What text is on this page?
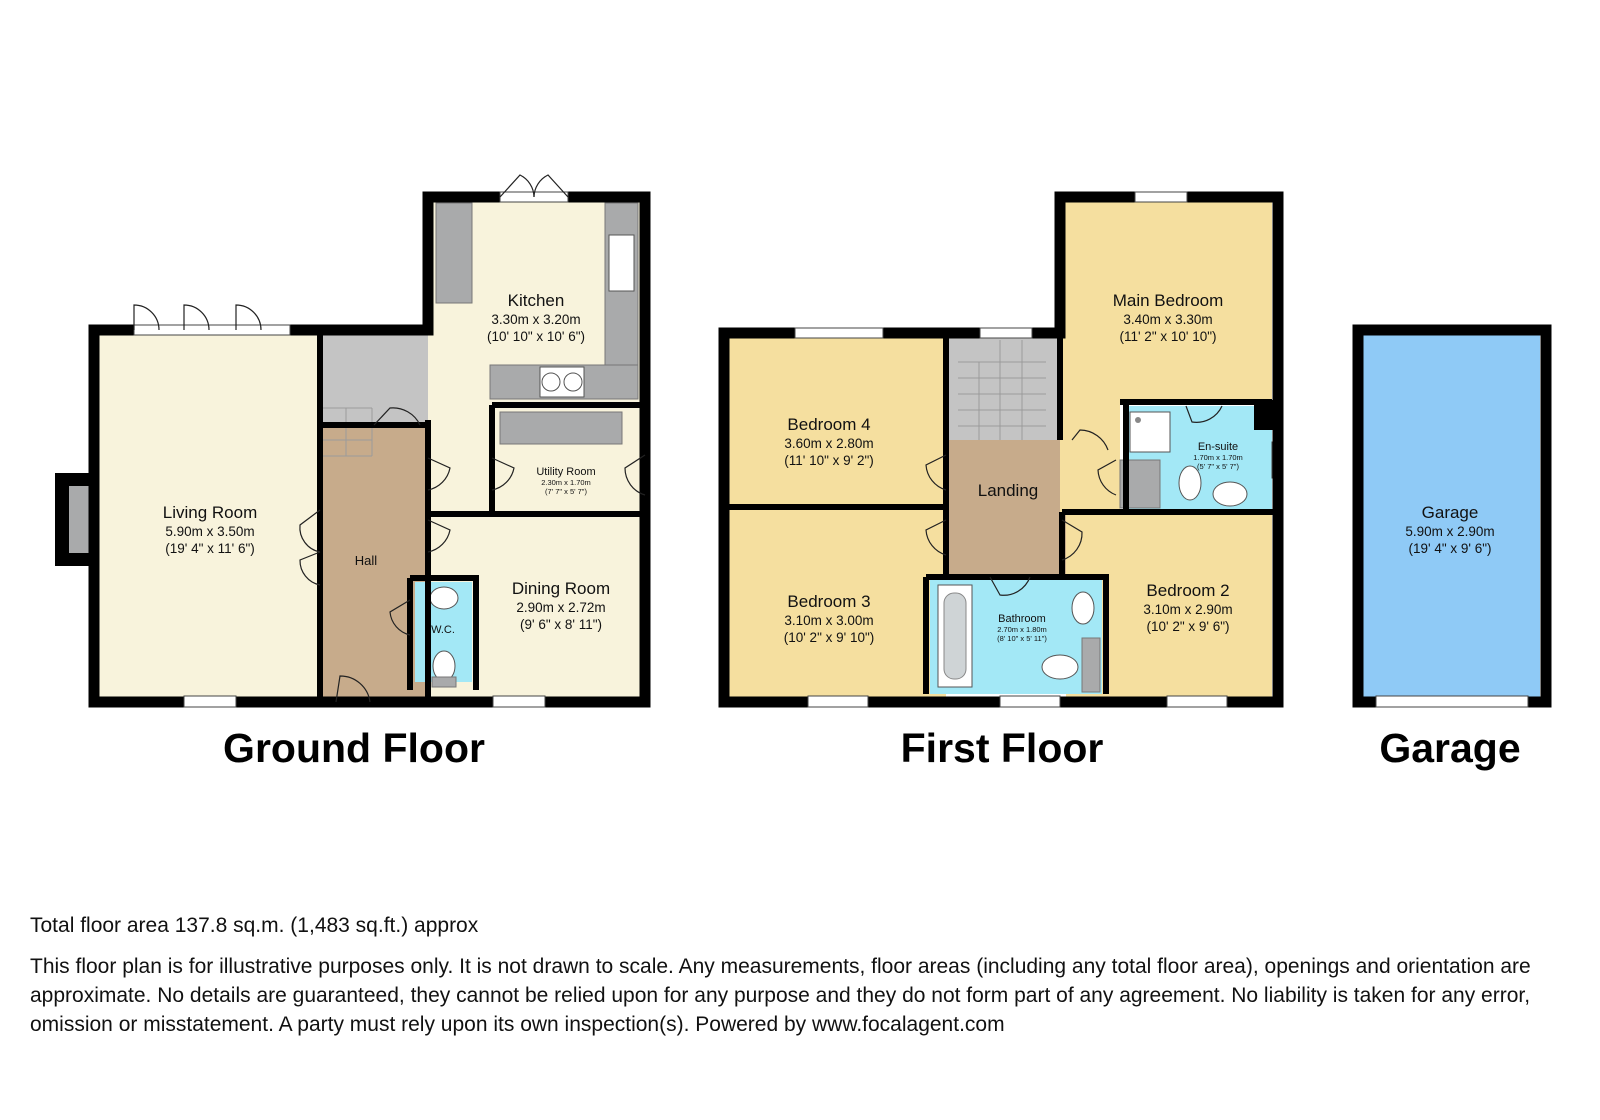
Living Room
5.90m x 3.50m
(19' 4" x 11' 6")
Hall
Kitchen
3.30m x 3.20m
(10' 10" x 10' 6")
Utility Room
2.30m x 1.70m
(7' 7" x 5' 7")
W.C.
Dining Room
2.90m x 2.72m
(9' 6" x 8' 11")
Ground Floor
Bedroom 4
3.60m x 2.80m
(11' 10" x 9' 2")
Bedroom 3
3.10m x 3.00m
(10' 2" x 9' 10")
Landing
Bathroom
2.70m x 1.80m
(8' 10" x 5' 11")
Main Bedroom
3.40m x 3.30m
(11' 2" x 10' 10")
En-suite
1.70m x 1.70m
(5' 7" x 5' 7")
Bedroom 2
3.10m x 2.90m
(10' 2" x 9' 6")
First Floor
Garage
5.90m x 2.90m
(19' 4" x 9' 6")
Garage

Total floor area 137.8 sq.m. (1,483 sq.ft.) approx

This floor plan is for illustrative purposes only. It is not drawn to scale. Any measurements, floor areas (including any total floor area), openings and orientation are approximate. No details are guaranteed, they cannot be relied upon for any purpose and they do not form part of any agreement. No liability is taken for any error, omission or misstatement. A party must rely upon its own inspection(s). Powered by www.focalagent.com
